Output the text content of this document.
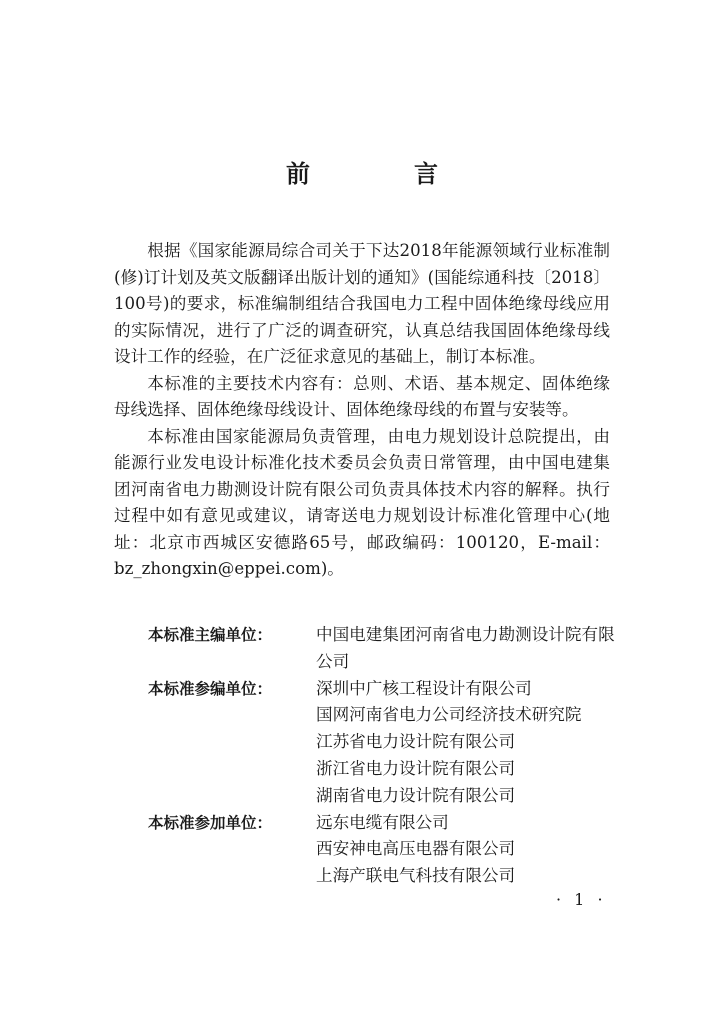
前　言

根据《国家能源局综合司关于下达2018年能源领域行业标准制(修)订计划及英文版翻译出版计划的通知》(国能综通科技〔2018〕100号)的要求，标准编制组结合我国电力工程中固体绝缘母线应用的实际情况，进行了广泛的调查研究，认真总结我国固体绝缘母线设计工作的经验，在广泛征求意见的基础上，制订本标准。

本标准的主要技术内容有：总则、术语、基本规定、固体绝缘母线选择、固体绝缘母线设计、固体绝缘母线的布置与安装等。

本标准由国家能源局负责管理，由电力规划设计总院提出，由能源行业发电设计标准化技术委员会负责日常管理，由中国电建集团河南省电力勘测设计院有限公司负责具体技术内容的解释。执行过程中如有意见或建议，请寄送电力规划设计标准化管理中心(地址：北京市西城区安德路65号，邮政编码：100120，E-mail：bz_zhongxin@eppei.com)。

本标准主编单位：	中国电建集团河南省电力勘测设计院有限公司
本标准参编单位：	深圳中广核工程设计有限公司
国网河南省电力公司经济技术研究院
江苏省电力设计院有限公司
浙江省电力设计院有限公司
湖南省电力设计院有限公司
本标准参加单位：	远东电缆有限公司
西安神电高压电器有限公司
上海产联电气科技有限公司
· 1 ·
